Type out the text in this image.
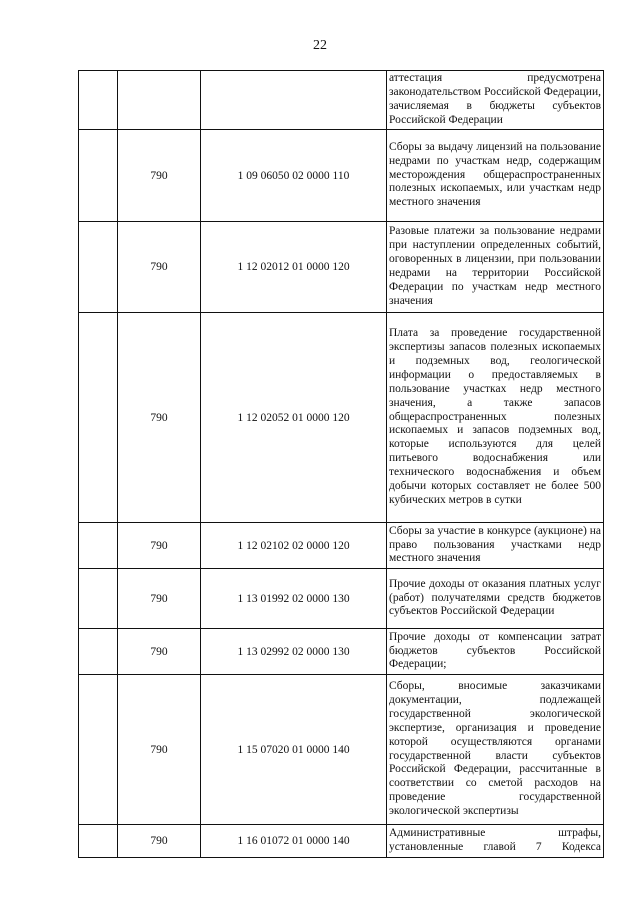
22
			аттестация предусмотрена законодательством Российской Федерации, зачисляемая в бюджеты субъектов Российской Федерации
	790	1 09 06050 02 0000 110	Сборы за выдачу лицензий на пользование недрами по участкам недр, содержащим месторождения общераспространенных полезных ископаемых, или участкам недр местного значения
	790	1 12 02012 01 0000 120	Разовые платежи за пользование недрами при наступлении определенных событий, оговоренных в лицензии, при пользовании недрами на территории Российской Федерации по участкам недр местного значения
	790	1 12 02052 01 0000 120	Плата за проведение государственной экспертизы запасов полезных ископаемых и подземных вод, геологической информации о предоставляемых в пользование участках недр местного значения, а также запасов общераспространенных полезных ископаемых и запасов подземных вод, которые используются для целей питьевого водоснабжения или технического водоснабжения и объем добычи которых составляет не более 500 кубических метров в сутки
	790	1 12 02102 02 0000 120	Сборы за участие в конкурсе (аукционе) на право пользования участками недр местного значения
	790	1 13 01992 02 0000 130	Прочие доходы от оказания платных услуг (работ) получателями средств бюджетов субъектов Российской Федерации
	790	1 13 02992 02 0000 130	Прочие доходы от компенсации затрат бюджетов субъектов Российской Федерации;
	790	1 15 07020 01 0000 140	Сборы, вносимые заказчиками документации, подлежащей государственной экологической экспертизе, организация и проведение которой осуществляются органами государственной власти субъектов Российской Федерации, рассчитанные в соответствии со сметой расходов на проведение государственной экологической экспертизы
	790	1 16 01072 01 0000 140	Административные штрафы, установленные главой 7 Кодекса
